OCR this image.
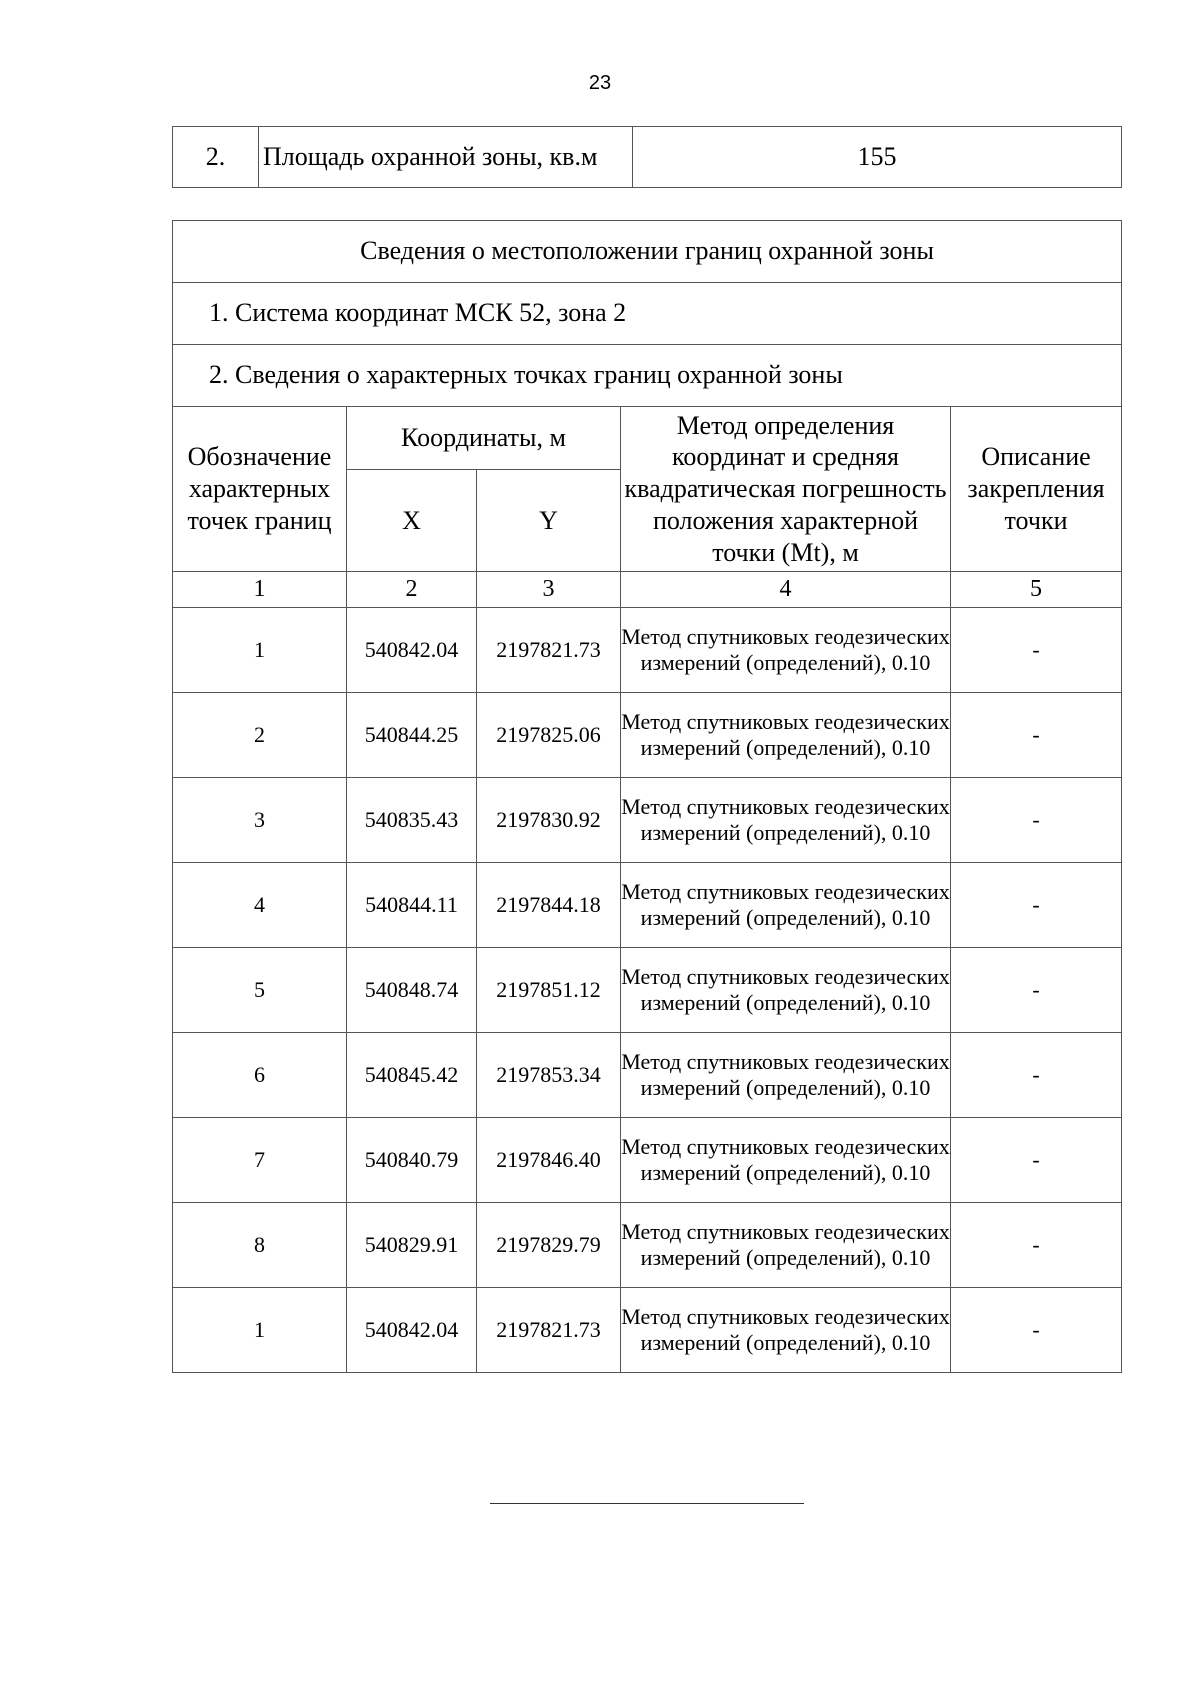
23
2.	Площадь охранной зоны, кв.м	155
Сведения о местоположении границ охранной зоны				
1. Система координат МСК 52, зона 2				
2. Сведения о характерных точках границ охранной зоны				
Обозначение характерных точек границ	Координаты, м		Метод определения координат и средняя квадратическая погрешность положения характерной точки (Mt), м	Описание закрепления точки
	X	Y		
1	2	3	4	5
1	540842.04	2197821.73	Метод спутниковых геодезических измерений (определений), 0.10	-
2	540844.25	2197825.06	Метод спутниковых геодезических измерений (определений), 0.10	-
3	540835.43	2197830.92	Метод спутниковых геодезических измерений (определений), 0.10	-
4	540844.11	2197844.18	Метод спутниковых геодезических измерений (определений), 0.10	-
5	540848.74	2197851.12	Метод спутниковых геодезических измерений (определений), 0.10	-
6	540845.42	2197853.34	Метод спутниковых геодезических измерений (определений), 0.10	-
7	540840.79	2197846.40	Метод спутниковых геодезических измерений (определений), 0.10	-
8	540829.91	2197829.79	Метод спутниковых геодезических измерений (определений), 0.10	-
1	540842.04	2197821.73	Метод спутниковых геодезических измерений (определений), 0.10	-
